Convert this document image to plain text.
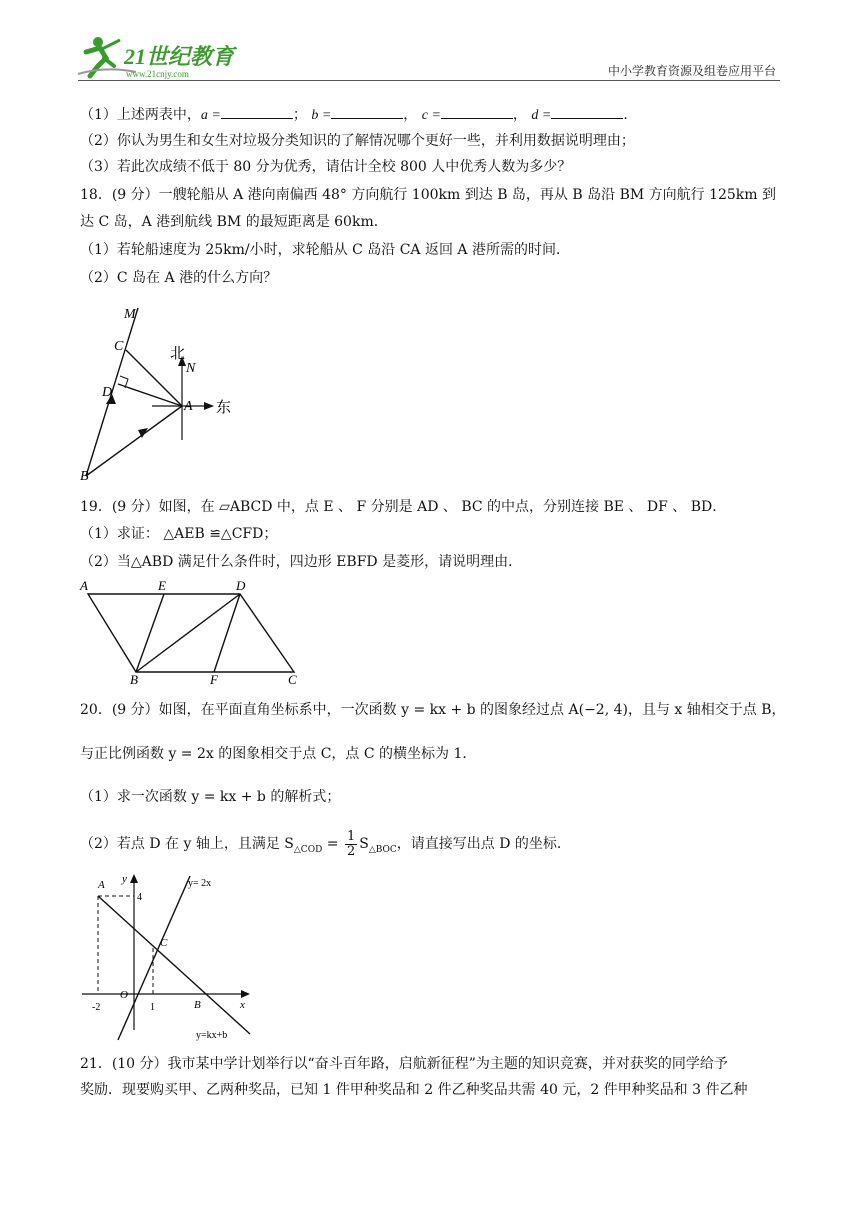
21世纪教育
www.21cnjy.com	中小学教育资源及组卷应用平台
（1）上述两表中，a =	； b =	， c =	， d =	.
（2）你认为男生和女生对垃圾分类知识的了解情况哪个更好一些，并利用数据说明理由；
（3）若此次成绩不低于 80 分为优秀，请估计全校 800 人中优秀人数为多少？
18．(9 分）一艘轮船从 A 港向南偏西 48° 方向航行 100km 到达 B 岛，再从 B 岛沿 BM 方向航行 125km 到
达 C 岛，A 港到航线 BM 的最短距离是 60km．
（1）若轮船速度为 25km/小时，求轮船从 C 岛沿 CA 返回 A 港所需的时间．
（2）C 岛在 A 港的什么方向？
M
C
D
A
B
N
北
东
19．(9 分）如图，在 ▱ABCD 中，点 E 、 F 分别是 AD 、 BC 的中点，分别连接 BE 、 DF 、 BD．
（1）求证： △AEB ≌△CFD；
（2）当△ABD 满足什么条件时，四边形 EBFD 是菱形，请说明理由．
A	E	D
B	F	C
20．(9 分）如图，在平面直角坐标系中，一次函数 y = kx + b 的图象经过点 A(−2, 4)，且与 x 轴相交于点 B，
与正比例函数 y = 2x 的图象相交于点 C，点 C 的横坐标为 1．
（1）求一次函数 y = kx + b 的解析式；
（2）若点 D 在 y 轴上，且满足 $S_{\triangle COD} = \frac{1}{2} S_{\triangle BOC}$，请直接写出点 D 的坐标．
A
C
O
B	x
y
4
-2	1
y= 2x
y=kx+b
21．(10 分）我市某中学计划举行以“奋斗百年路，启航新征程”为主题的知识竞赛，并对获奖的同学给予
奖励．现要购买甲、乙两种奖品，已知 1 件甲种奖品和 2 件乙种奖品共需 40 元，2 件甲种奖品和 3 件乙种
